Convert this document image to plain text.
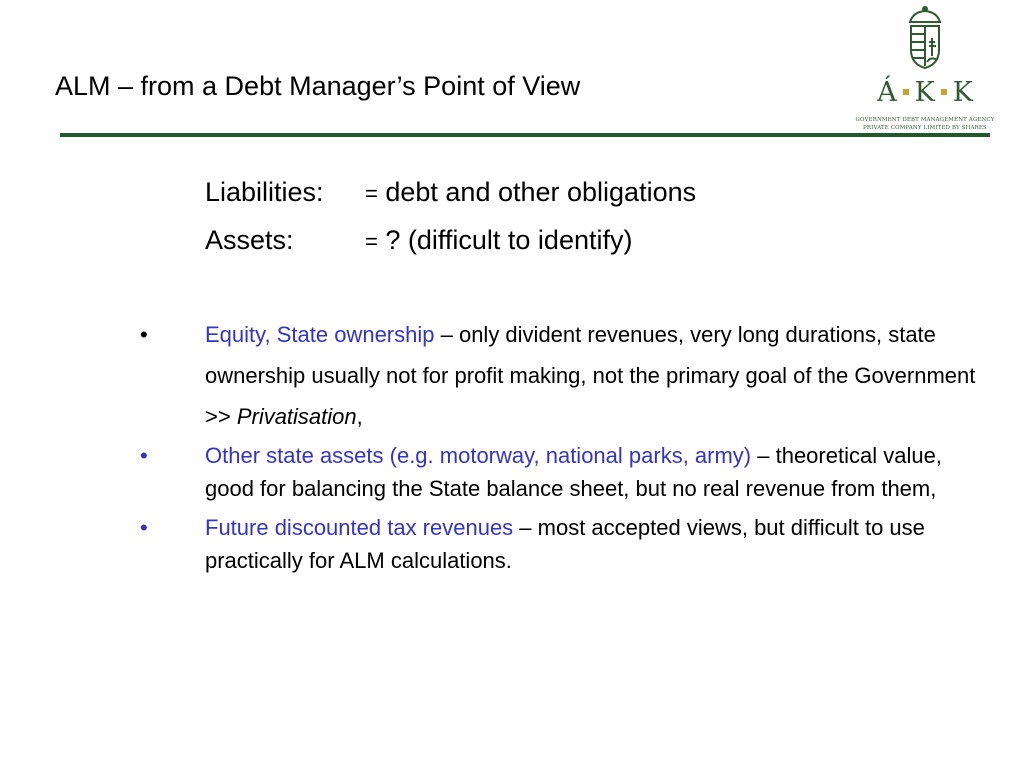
ALM – from a Debt Manager’s Point of View	Á K K
GOVERNMENT DEBT MANAGEMENT AGENCY
PRIVATE COMPANY LIMITED BY SHARES
Liabilities: = debt and other obligations
Assets:	= ? (difficult to identify)
•	Equity, State ownership – only divident revenues, very long durations, state ownership usually not for profit making, not the primary goal of the Government >> Privatisation,
•	Other state assets (e.g. motorway, national parks, army) – theoretical value, good for balancing the State balance sheet, but no real revenue from them,
•	Future discounted tax revenues – most accepted views, but difficult to use practically for ALM calculations.
